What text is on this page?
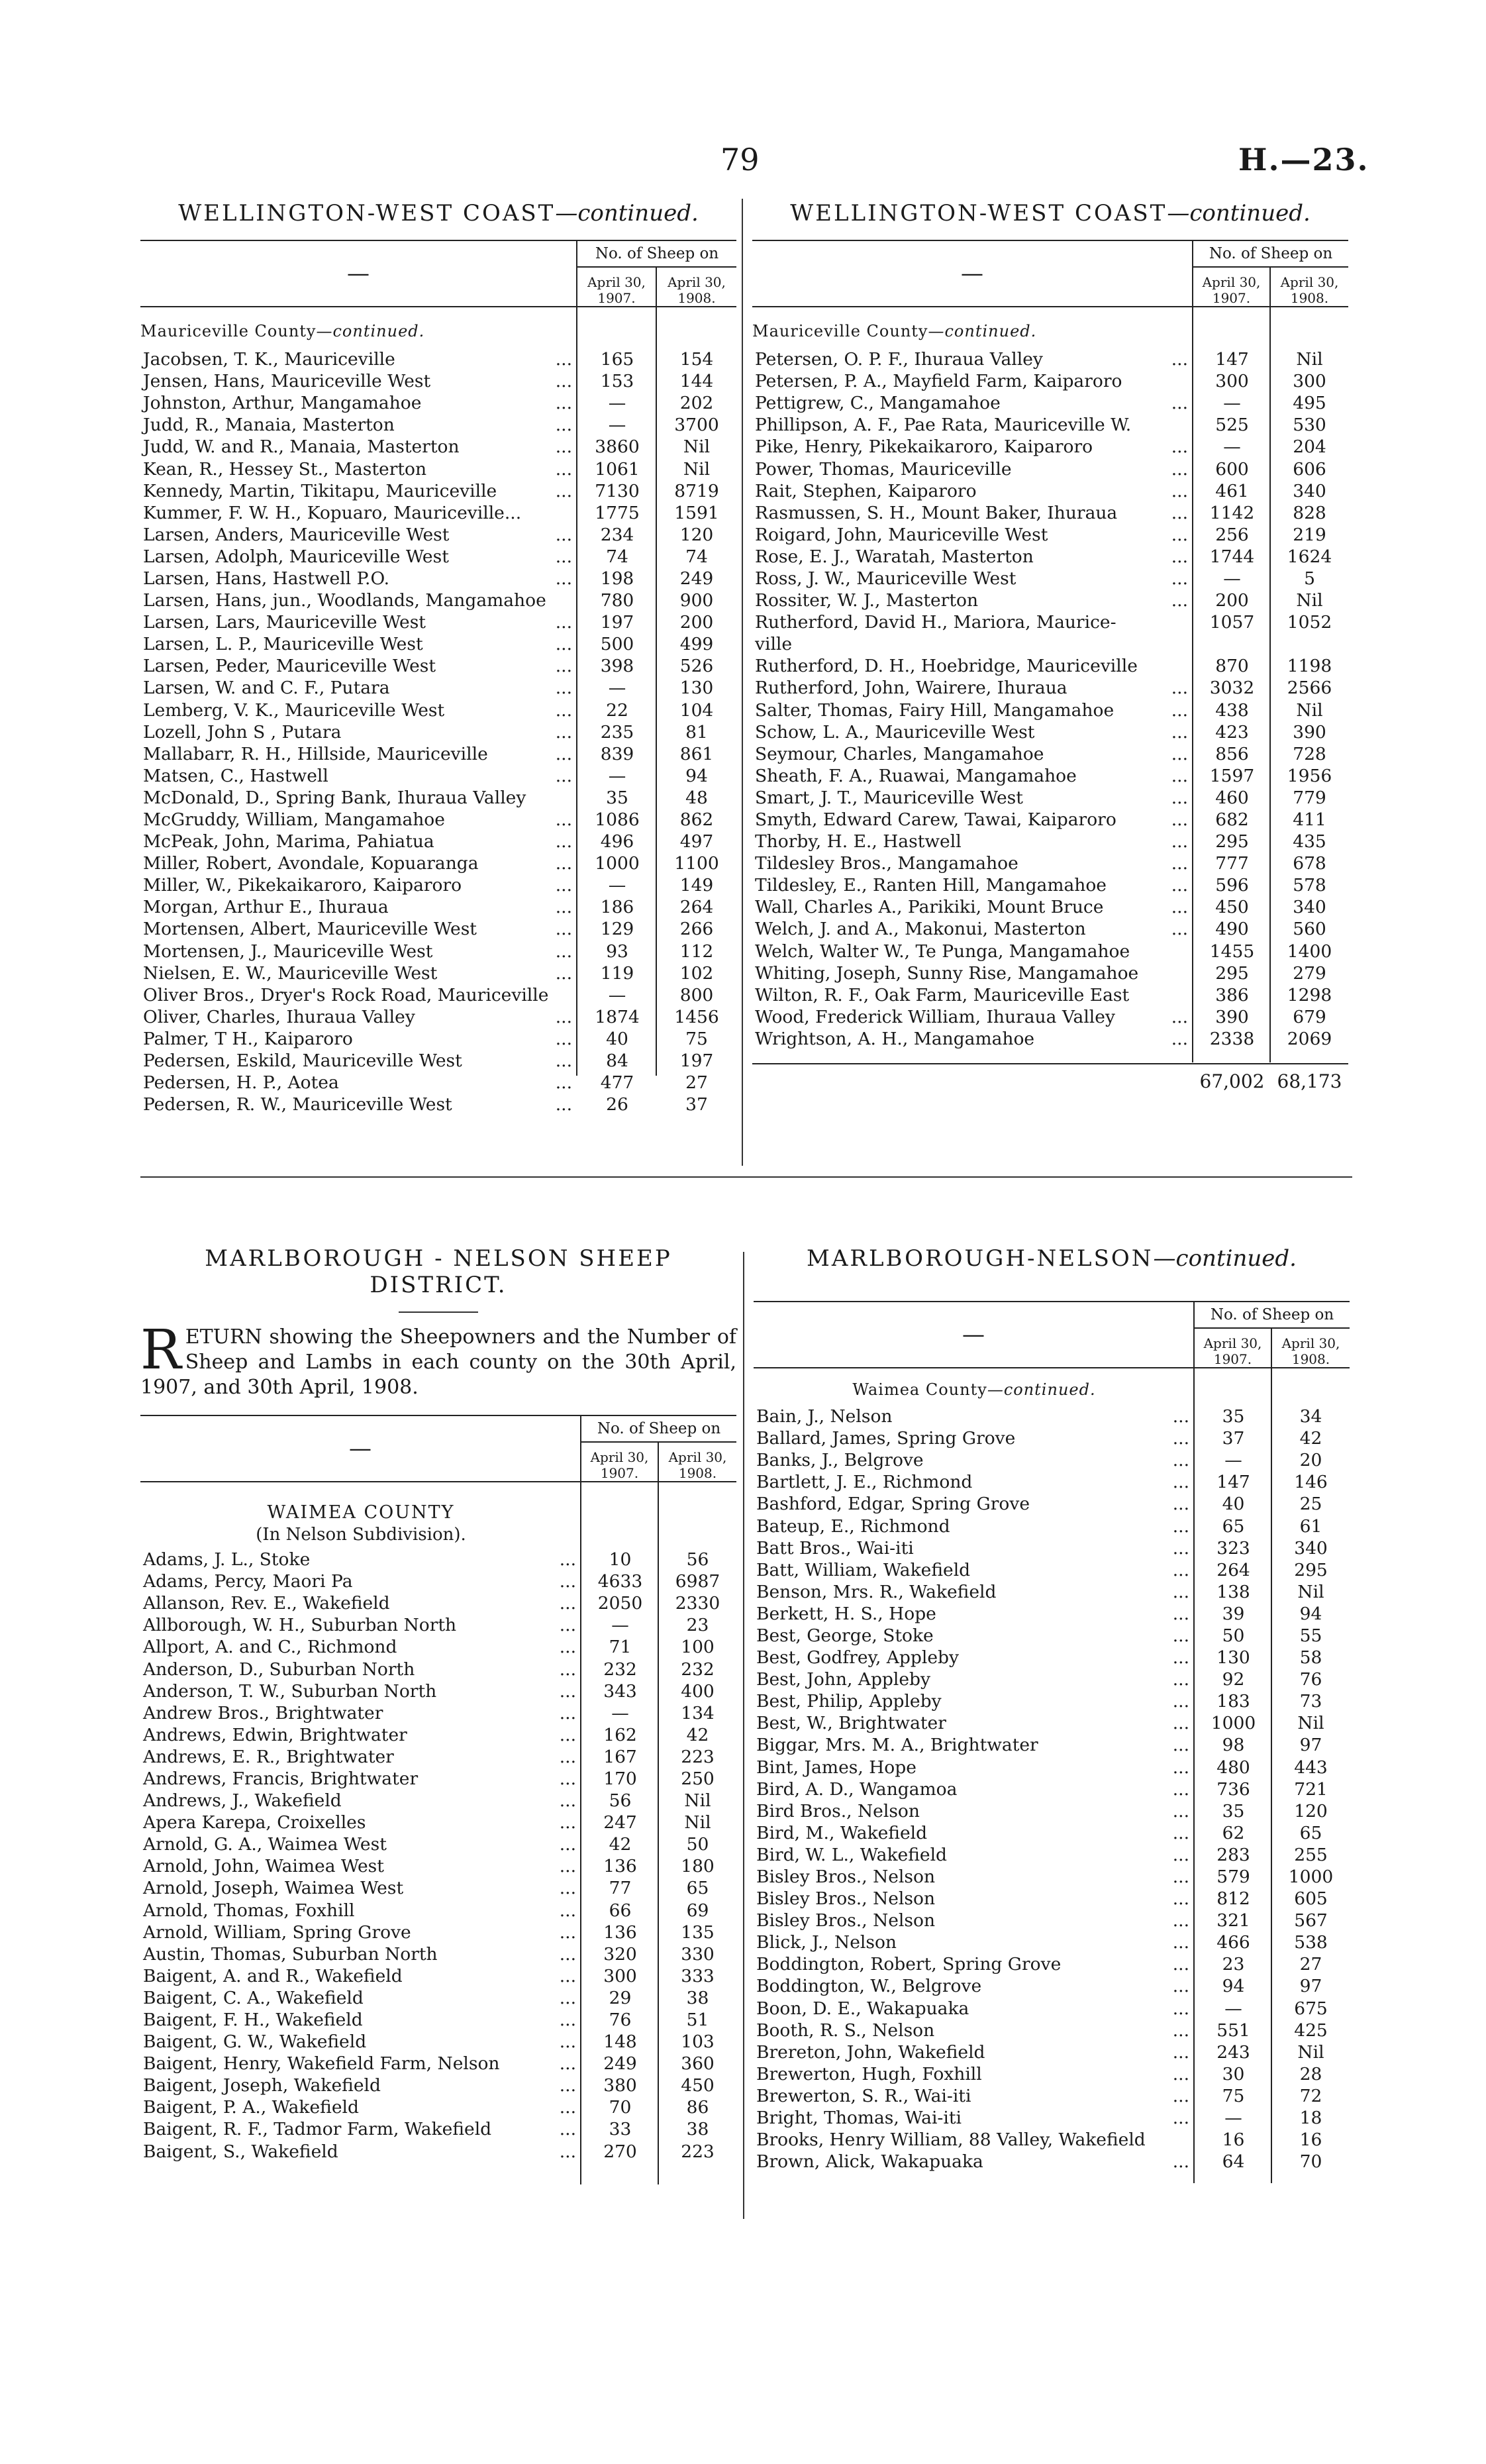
79	H.—23.
WELLINGTON-WEST COAST—continued.
—
No. of Sheep on
April 30,
1907.
April 30,
1908.
Mauriceville County—continued.
Jacobsen, T. K., Mauriceville	...	165	154
Jensen, Hans, Mauriceville West	...	153	144
Johnston, Arthur, Mangamahoe	...	—	202
Judd, R., Manaia, Masterton	...	—	3700
Judd, W. and R., Manaia, Masterton	...	3860	Nil
Kean, R., Hessey St., Masterton	...	1061	Nil
Kennedy, Martin, Tikitapu, Mauriceville	...	7130	8719
Kummer, F. W. H., Kopuaro, Mauriceville...	1775	1591
Larsen, Anders, Mauriceville West	...	234	120
Larsen, Adolph, Mauriceville West	...	74	74
Larsen, Hans, Hastwell P.O.	...	198	249
Larsen, Hans, jun., Woodlands, Mangamahoe	780	900
Larsen, Lars, Mauriceville West	...	197	200
Larsen, L. P., Mauriceville West	...	500	499
Larsen, Peder, Mauriceville West	...	398	526
Larsen, W. and C. F., Putara	...	—	130
Lemberg, V. K., Mauriceville West	...	22	104
Lozell, John S , Putara	...	235	81
Mallabarr, R. H., Hillside, Mauriceville	...	839	861
Matsen, C., Hastwell	...	—	94
McDonald, D., Spring Bank, Ihuraua Valley	35	48
McGruddy, William, Mangamahoe	...	1086	862
McPeak, John, Marima, Pahiatua	...	496	497
Miller, Robert, Avondale, Kopuaranga	...	1000	1100
Miller, W., Pikekaikaroro, Kaiparoro	...	—	149
Morgan, Arthur E., Ihuraua	...	186	264
Mortensen, Albert, Mauriceville West	...	129	266
Mortensen, J., Mauriceville West	...	93	112
Nielsen, E. W., Mauriceville West	...	119	102
Oliver Bros., Dryer's Rock Road, Mauriceville	—	800
Oliver, Charles, Ihuraua Valley	...	1874	1456
Palmer, T H., Kaiparoro	...	40	75
Pedersen, Eskild, Mauriceville West	...	84	197
Pedersen, H. P., Aotea	...	477	27
Pedersen, R. W., Mauriceville West	...	26	37
WELLINGTON-WEST COAST—continued.
—
No. of Sheep on
April 30,
1907.
April 30,
1908.
Mauriceville County—continued.
Petersen, O. P. F., Ihuraua Valley	...	147	Nil
Petersen, P. A., Mayfield Farm, Kaiparoro	300	300
Pettigrew, C., Mangamahoe	...	—	495
Phillipson, A. F., Pae Rata, Mauriceville W.	525	530
Pike, Henry, Pikekaikaroro, Kaiparoro	...	—	204
Power, Thomas, Mauriceville	...	600	606
Rait, Stephen, Kaiparoro	...	461	340
Rasmussen, S. H., Mount Baker, Ihuraua	...	1142	828
Roigard, John, Mauriceville West	...	256	219
Rose, E. J., Waratah, Masterton	...	1744	1624
Ross, J. W., Mauriceville West	...	—	5
Rossiter, W. J., Masterton	...	200	Nil
Rutherford, David H., Mariora, Maurice-	1057	1052
ville
Rutherford, D. H., Hoebridge, Mauriceville	870	1198
Rutherford, John, Wairere, Ihuraua	...	3032	2566
Salter, Thomas, Fairy Hill, Mangamahoe	...	438	Nil
Schow, L. A., Mauriceville West	...	423	390
Seymour, Charles, Mangamahoe	...	856	728
Sheath, F. A., Ruawai, Mangamahoe	...	1597	1956
Smart, J. T., Mauriceville West	...	460	779
Smyth, Edward Carew, Tawai, Kaiparoro	...	682	411
Thorby, H. E., Hastwell	...	295	435
Tildesley Bros., Mangamahoe	...	777	678
Tildesley, E., Ranten Hill, Mangamahoe	...	596	578
Wall, Charles A., Parikiki, Mount Bruce	...	450	340
Welch, J. and A., Makonui, Masterton	...	490	560
Welch, Walter W., Te Punga, Mangamahoe	1455	1400
Whiting, Joseph, Sunny Rise, Mangamahoe	295	279
Wilton, R. F., Oak Farm, Mauriceville East	386	1298
Wood, Frederick William, Ihuraua Valley	...	390	679
Wrightson, A. H., Mangamahoe	...	2338	2069
67,002 68,173
MARLBOROUGH - NELSON SHEEP
DISTRICT.
RETURN showing the Sheepowners and the Number of Sheep and Lambs in each county on the 30th April, 1907, and 30th April, 1908.
—
No. of Sheep on
April 30,
1907.
April 30,
1908.
WAIMEA COUNTY
(In Nelson Subdivision).
Adams, J. L., Stoke	...	10	56
Adams, Percy, Maori Pa	...	4633	6987
Allanson, Rev. E., Wakefield	...	2050	2330
Allborough, W. H., Suburban North	...	—	23
Allport, A. and C., Richmond	...	71	100
Anderson, D., Suburban North	...	232	232
Anderson, T. W., Suburban North	...	343	400
Andrew Bros., Brightwater	...	—	134
Andrews, Edwin, Brightwater	...	162	42
Andrews, E. R., Brightwater	...	167	223
Andrews, Francis, Brightwater	...	170	250
Andrews, J., Wakefield	...	56	Nil
Apera Karepa, Croixelles	...	247	Nil
Arnold, G. A., Waimea West	...	42	50
Arnold, John, Waimea West	...	136	180
Arnold, Joseph, Waimea West	...	77	65
Arnold, Thomas, Foxhill	...	66	69
Arnold, William, Spring Grove	...	136	135
Austin, Thomas, Suburban North	...	320	330
Baigent, A. and R., Wakefield	...	300	333
Baigent, C. A., Wakefield	...	29	38
Baigent, F. H., Wakefield	...	76	51
Baigent, G. W., Wakefield	...	148	103
Baigent, Henry, Wakefield Farm, Nelson	...	249	360
Baigent, Joseph, Wakefield	...	380	450
Baigent, P. A., Wakefield	...	70	86
Baigent, R. F., Tadmor Farm, Wakefield	...	33	38
Baigent, S., Wakefield	...	270	223
MARLBOROUGH-NELSON—continued.
—
No. of Sheep on
April 30,
1907.
April 30,
1908.
Waimea County—continued.
Bain, J., Nelson	...	35	34
Ballard, James, Spring Grove	...	37	42
Banks, J., Belgrove	...	—	20
Bartlett, J. E., Richmond	...	147	146
Bashford, Edgar, Spring Grove	...	40	25
Bateup, E., Richmond	...	65	61
Batt Bros., Wai-iti	...	323	340
Batt, William, Wakefield	...	264	295
Benson, Mrs. R., Wakefield	...	138	Nil
Berkett, H. S., Hope	...	39	94
Best, George, Stoke	...	50	55
Best, Godfrey, Appleby	...	130	58
Best, John, Appleby	...	92	76
Best, Philip, Appleby	...	183	73
Best, W., Brightwater	...	1000	Nil
Biggar, Mrs. M. A., Brightwater	...	98	97
Bint, James, Hope	...	480	443
Bird, A. D., Wangamoa	...	736	721
Bird Bros., Nelson	...	35	120
Bird, M., Wakefield	...	62	65
Bird, W. L., Wakefield	...	283	255
Bisley Bros., Nelson	...	579	1000
Bisley Bros., Nelson	...	812	605
Bisley Bros., Nelson	...	321	567
Blick, J., Nelson	...	466	538
Boddington, Robert, Spring Grove	...	23	27
Boddington, W., Belgrove	...	94	97
Boon, D. E., Wakapuaka	...	—	675
Booth, R. S., Nelson	...	551	425
Brereton, John, Wakefield	...	243	Nil
Brewerton, Hugh, Foxhill	...	30	28
Brewerton, S. R., Wai-iti	...	75	72
Bright, Thomas, Wai-iti	...	—	18
Brooks, Henry William, 88 Valley, Wakefield	16	16
Brown, Alick, Wakapuaka	...	64	70
